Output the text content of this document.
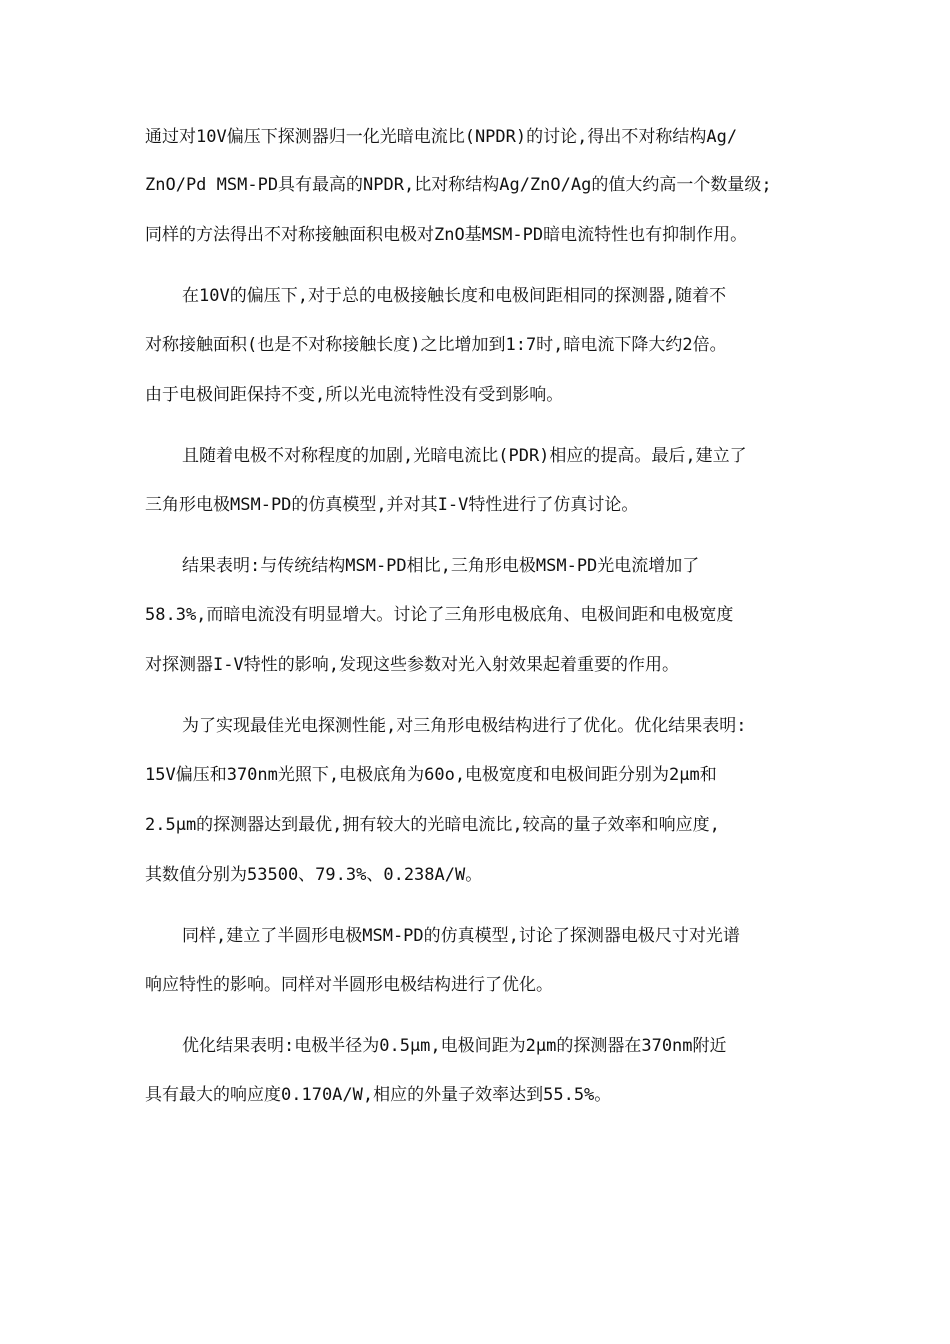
通过对10V偏压下探测器归一化光暗电流比(NPDR)的讨论,得出不对称结构Ag/
ZnO/Pd MSM-PD具有最高的NPDR,比对称结构Ag/ZnO/Ag的值大约高一个数量级;
同样的方法得出不对称接触面积电极对ZnO基MSM-PD暗电流特性也有抑制作用。
在10V的偏压下,对于总的电极接触长度和电极间距相同的探测器,随着不
对称接触面积(也是不对称接触长度)之比增加到1:7时,暗电流下降大约2倍。
由于电极间距保持不变,所以光电流特性没有受到影响。
且随着电极不对称程度的加剧,光暗电流比(PDR)相应的提高。最后,建立了
三角形电极MSM-PD的仿真模型,并对其I-V特性进行了仿真讨论。
结果表明:与传统结构MSM-PD相比,三角形电极MSM-PD光电流增加了
58.3%,而暗电流没有明显增大。讨论了三角形电极底角、电极间距和电极宽度
对探测器I-V特性的影响,发现这些参数对光入射效果起着重要的作用。
为了实现最佳光电探测性能,对三角形电极结构进行了优化。优化结果表明:
15V偏压和370nm光照下,电极底角为60o,电极宽度和电极间距分别为2μm和
2.5μm的探测器达到最优,拥有较大的光暗电流比,较高的量子效率和响应度,
其数值分别为53500、79.3%、0.238A/W。
同样,建立了半圆形电极MSM-PD的仿真模型,讨论了探测器电极尺寸对光谱
响应特性的影响。同样对半圆形电极结构进行了优化。
优化结果表明:电极半径为0.5μm,电极间距为2μm的探测器在370nm附近
具有最大的响应度0.170A/W,相应的外量子效率达到55.5%。
